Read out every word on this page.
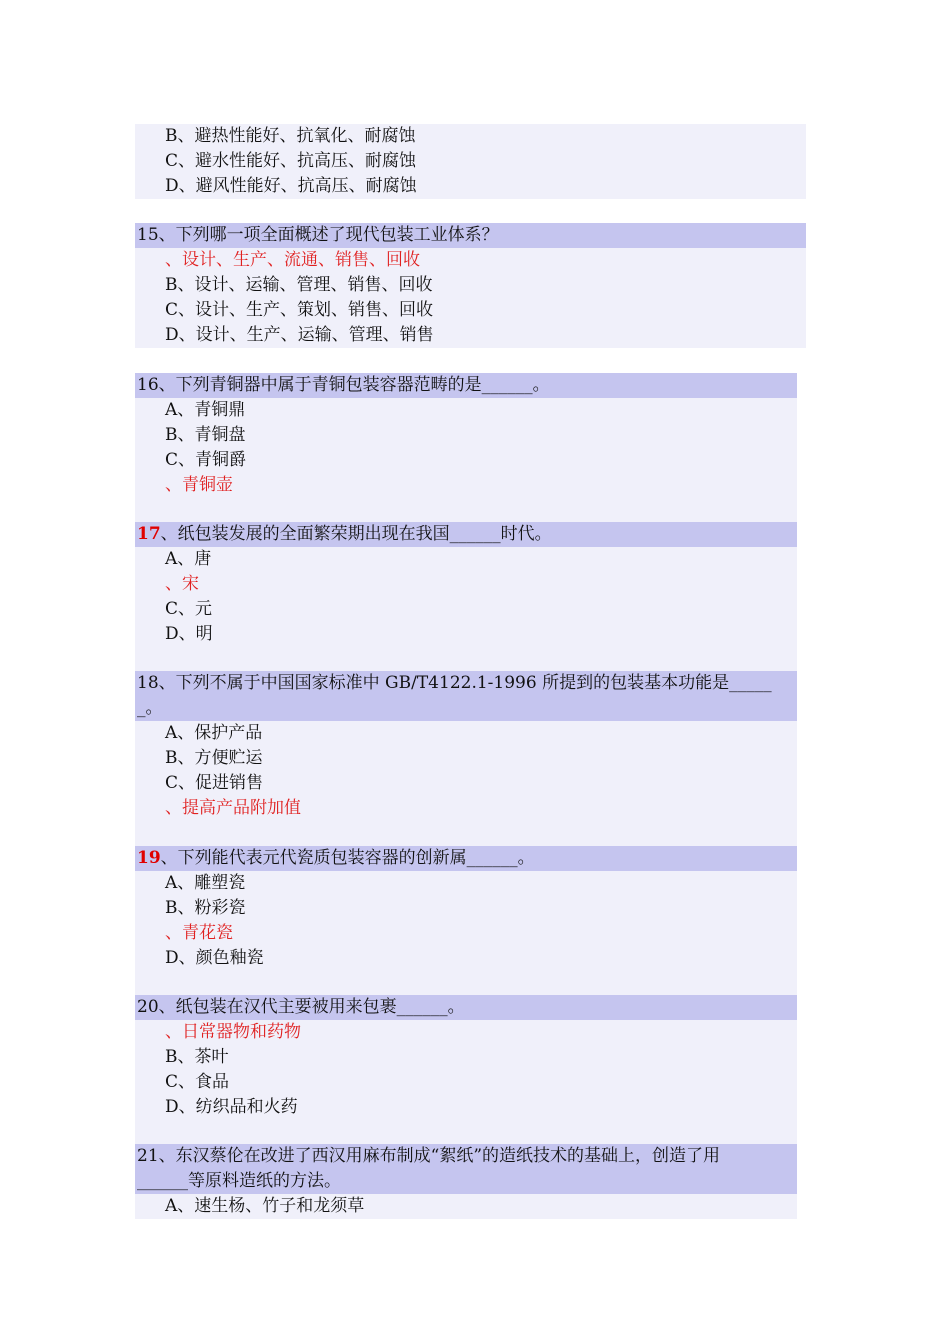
B、避热性能好、抗氧化、耐腐蚀
C、避水性能好、抗高压、耐腐蚀
D、避风性能好、抗高压、耐腐蚀
15、下列哪一项全面概述了现代包装工业体系？
、设计、生产、流通、销售、回收
B、设计、运输、管理、销售、回收
C、设计、生产、策划、销售、回收
D、设计、生产、运输、管理、销售
16、下列青铜器中属于青铜包装容器范畴的是______。
A、青铜鼎
B、青铜盘
C、青铜爵
、青铜壶
17、纸包装发展的全面繁荣期出现在我国______时代。
A、唐
、宋
C、元
D、明
18、下列不属于中国国家标准中 GB/T4122.1-1996 所提到的包装基本功能是_____
_。
A、保护产品
B、方便贮运
C、促进销售
、提高产品附加值
19、下列能代表元代瓷质包装容器的创新属______。
A、雕塑瓷
B、粉彩瓷
、青花瓷
D、颜色釉瓷
20、纸包装在汉代主要被用来包裹______。
、日常器物和药物
B、茶叶
C、食品
D、纺织品和火药
21、东汉蔡伦在改进了西汉用麻布制成“絮纸”的造纸技术的基础上，创造了用
______等原料造纸的方法。
A、速生杨、竹子和龙须草
